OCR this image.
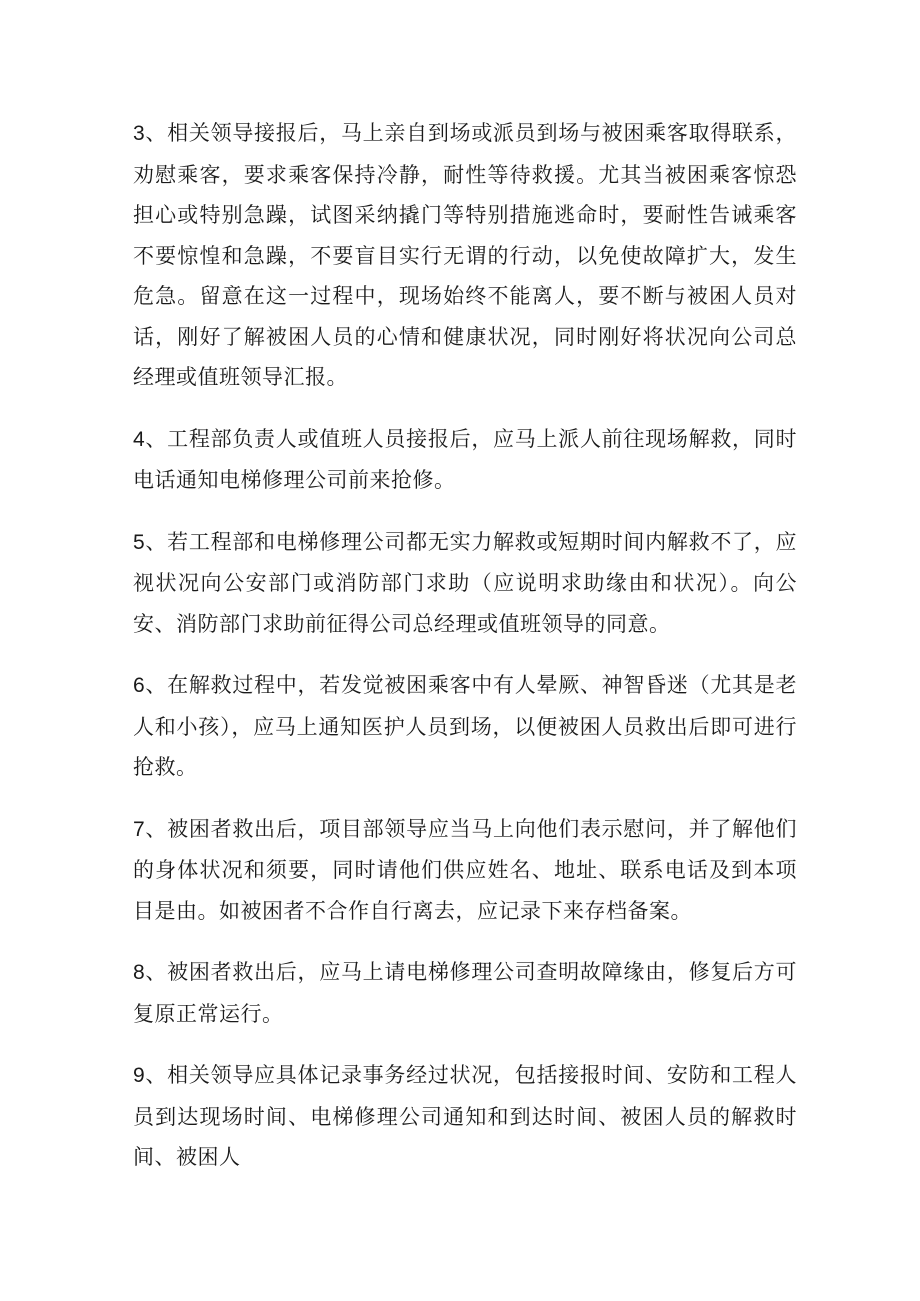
3、相关领导接报后，马上亲自到场或派员到场与被困乘客取得联系，劝慰乘客，要求乘客保持冷静，耐性等待救援。尤其当被困乘客惊恐担心或特别急躁，试图采纳撬门等特别措施逃命时，要耐性告诫乘客不要惊惶和急躁，不要盲目实行无谓的行动，以免使故障扩大，发生危急。留意在这一过程中，现场始终不能离人，要不断与被困人员对话，刚好了解被困人员的心情和健康状况，同时刚好将状况向公司总经理或值班领导汇报。

4、工程部负责人或值班人员接报后，应马上派人前往现场解救，同时电话通知电梯修理公司前来抢修。

5、若工程部和电梯修理公司都无实力解救或短期时间内解救不了，应视状况向公安部门或消防部门求助（应说明求助缘由和状况）。向公安、消防部门求助前征得公司总经理或值班领导的同意。

6、在解救过程中，若发觉被困乘客中有人晕厥、神智昏迷（尤其是老人和小孩），应马上通知医护人员到场，以便被困人员救出后即可进行抢救。

7、被困者救出后，项目部领导应当马上向他们表示慰问，并了解他们的身体状况和须要，同时请他们供应姓名、地址、联系电话及到本项目是由。如被困者不合作自行离去，应记录下来存档备案。

8、被困者救出后，应马上请电梯修理公司查明故障缘由，修复后方可复原正常运行。

9、相关领导应具体记录事务经过状况，包括接报时间、安防和工程人员到达现场时间、电梯修理公司通知和到达时间、被困人员的解救时间、被困人
